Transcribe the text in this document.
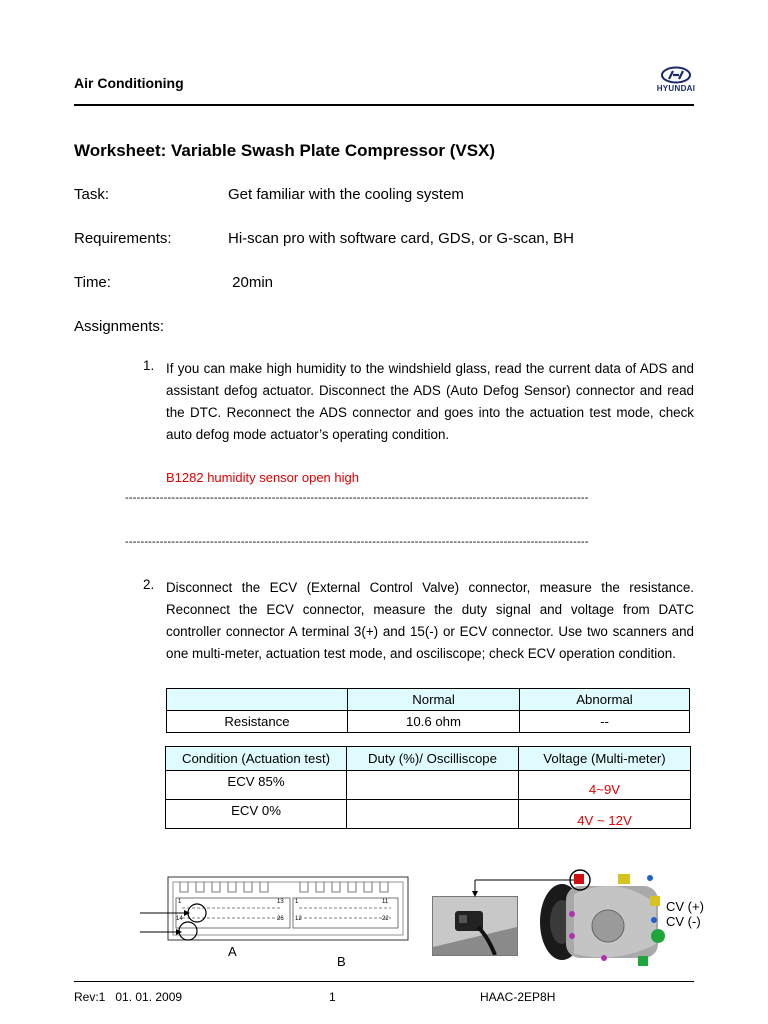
Air Conditioning	HYUNDAI
Worksheet: Variable Swash Plate Compressor (VSX)
Task:	Get familiar with the cooling system
Requirements:	Hi-scan pro with software card, GDS, or G-scan, BH
Time:	20min
Assignments:
1. If you can make high humidity to the windshield glass, read the current data of ADS and assistant defog actuator. Disconnect the ADS (Auto Defog Sensor) connector and read the DTC. Reconnect the ADS connector and goes into the actuation test mode, check auto defog mode actuator’s operating condition.
B1282 humidity sensor open high
------------------------------------------------------------------------------------------------------------------------
------------------------------------------------------------------------------------------------------------------------
2. Disconnect the ECV (External Control Valve) connector, measure the resistance. Reconnect the ECV connector, measure the duty signal and voltage from DATC controller connector A terminal 3(+) and 15(-) or ECV connector. Use two scanners and one multi-meter, actuation test mode, and osciliscope; check ECV operation condition.
	Normal	Abnormal
Resistance	10.6 ohm	--
Condition (Actuation test)	Duty (%)/ Oscilliscope	Voltage (Multi-meter)
ECV 85%		4~9V
ECV 0%		4V ~ 12V
1	13
14	26
1	11
12	22
A
B
CV (+)
CV (-)
Rev:1   01. 01. 2009	1	HAAC-2EP8H
